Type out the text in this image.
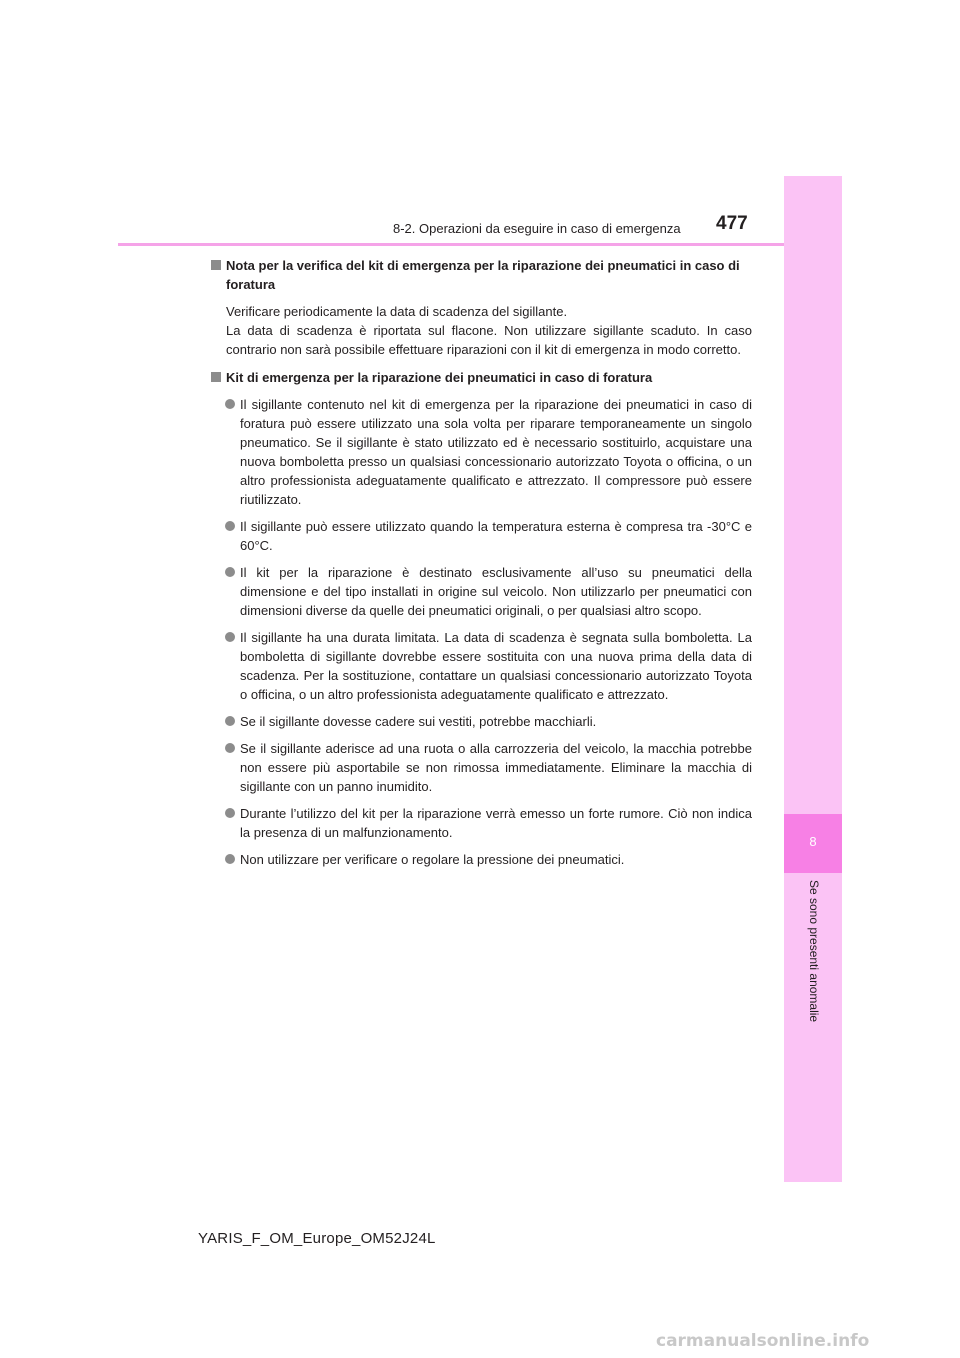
8
Se sono presenti anomalie
8-2. Operazioni da eseguire in caso di emergenza 477
Nota per la verifica del kit di emergenza per la riparazione dei pneumatici in caso di foratura

Verificare periodicamente la data di scadenza del sigillante.

La data di scadenza è riportata sul flacone. Non utilizzare sigillante scaduto. In caso contrario non sarà possibile effettuare riparazioni con il kit di emergenza in modo corretto.

Kit di emergenza per la riparazione dei pneumatici in caso di foratura
Il sigillante contenuto nel kit di emergenza per la riparazione dei pneumatici in caso di foratura può essere utilizzato una sola volta per riparare temporaneamente un singolo pneumatico. Se il sigillante è stato utilizzato ed è necessario sostituirlo, acquistare una nuova bomboletta presso un qualsiasi concessionario autorizzato Toyota o officina, o un altro professionista adeguatamente qualificato e attrezzato. Il compressore può essere riutilizzato.
Il sigillante può essere utilizzato quando la temperatura esterna è compresa tra -30°C e 60°C.
Il kit per la riparazione è destinato esclusivamente all’uso su pneumatici della dimensione e del tipo installati in origine sul veicolo. Non utilizzarlo per pneumatici con dimensioni diverse da quelle dei pneumatici originali, o per qualsiasi altro scopo.
Il sigillante ha una durata limitata. La data di scadenza è segnata sulla bomboletta. La bomboletta di sigillante dovrebbe essere sostituita con una nuova prima della data di scadenza. Per la sostituzione, contattare un qualsiasi concessionario autorizzato Toyota o officina, o un altro professionista adeguatamente qualificato e attrezzato.
Se il sigillante dovesse cadere sui vestiti, potrebbe macchiarli.
Se il sigillante aderisce ad una ruota o alla carrozzeria del veicolo, la macchia potrebbe non essere più asportabile se non rimossa immediatamente. Eliminare la macchia di sigillante con un panno inumidito.
Durante l’utilizzo del kit per la riparazione verrà emesso un forte rumore. Ciò non indica la presenza di un malfunzionamento.
Non utilizzare per verificare o regolare la pressione dei pneumatici.
YARIS_F_OM_Europe_OM52J24L
carmanualsonline.info
